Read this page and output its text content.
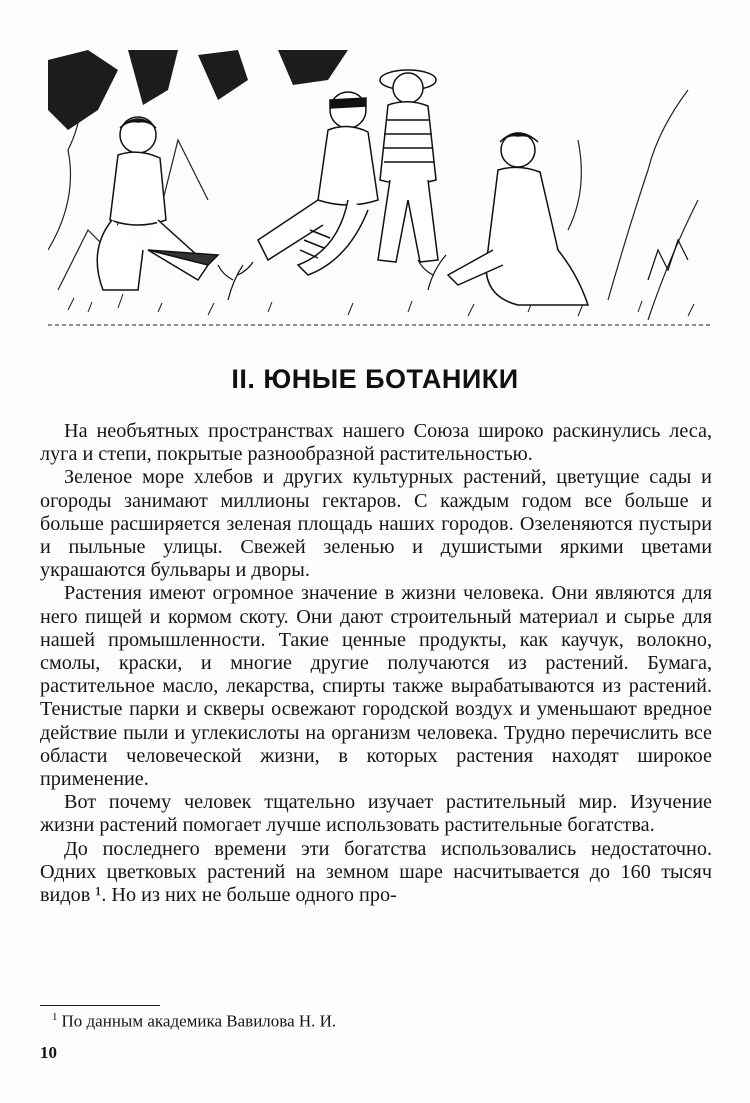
II. ЮНЫЕ БОТАНИКИ

На необъятных пространствах нашего Союза широко раскинулись леса, луга и степи, покрытые разнообразной растительностью.

Зеленое море хлебов и других культурных растений, цветущие сады и огороды занимают миллионы гектаров. С каждым годом все больше и больше расширяется зеленая площадь наших городов. Озеленяются пустыри и пыльные улицы. Свежей зеленью и душистыми яркими цветами украшаются бульвары и дворы.

Растения имеют огромное значение в жизни человека. Они являются для него пищей и кормом скоту. Они дают строительный материал и сырье для нашей промышленности. Такие ценные продукты, как каучук, волокно, смолы, краски, и многие другие получаются из растений. Бумага, растительное масло, лекарства, спирты также вырабатываются из растений. Тенистые парки и скверы освежают городской воздух и уменьшают вредное действие пыли и углекислоты на организм человека. Трудно перечислить все области человеческой жизни, в которых растения находят широкое применение.

Вот почему человек тщательно изучает растительный мир. Изучение жизни растений помогает лучше использовать растительные богатства.

До последнего времени эти богатства использовались недостаточно. Одних цветковых растений на земном шаре насчитывается до 160 тысяч видов ¹. Но из них не больше одного про-

$^1$ По данным академика Вавилова Н. И.
10
